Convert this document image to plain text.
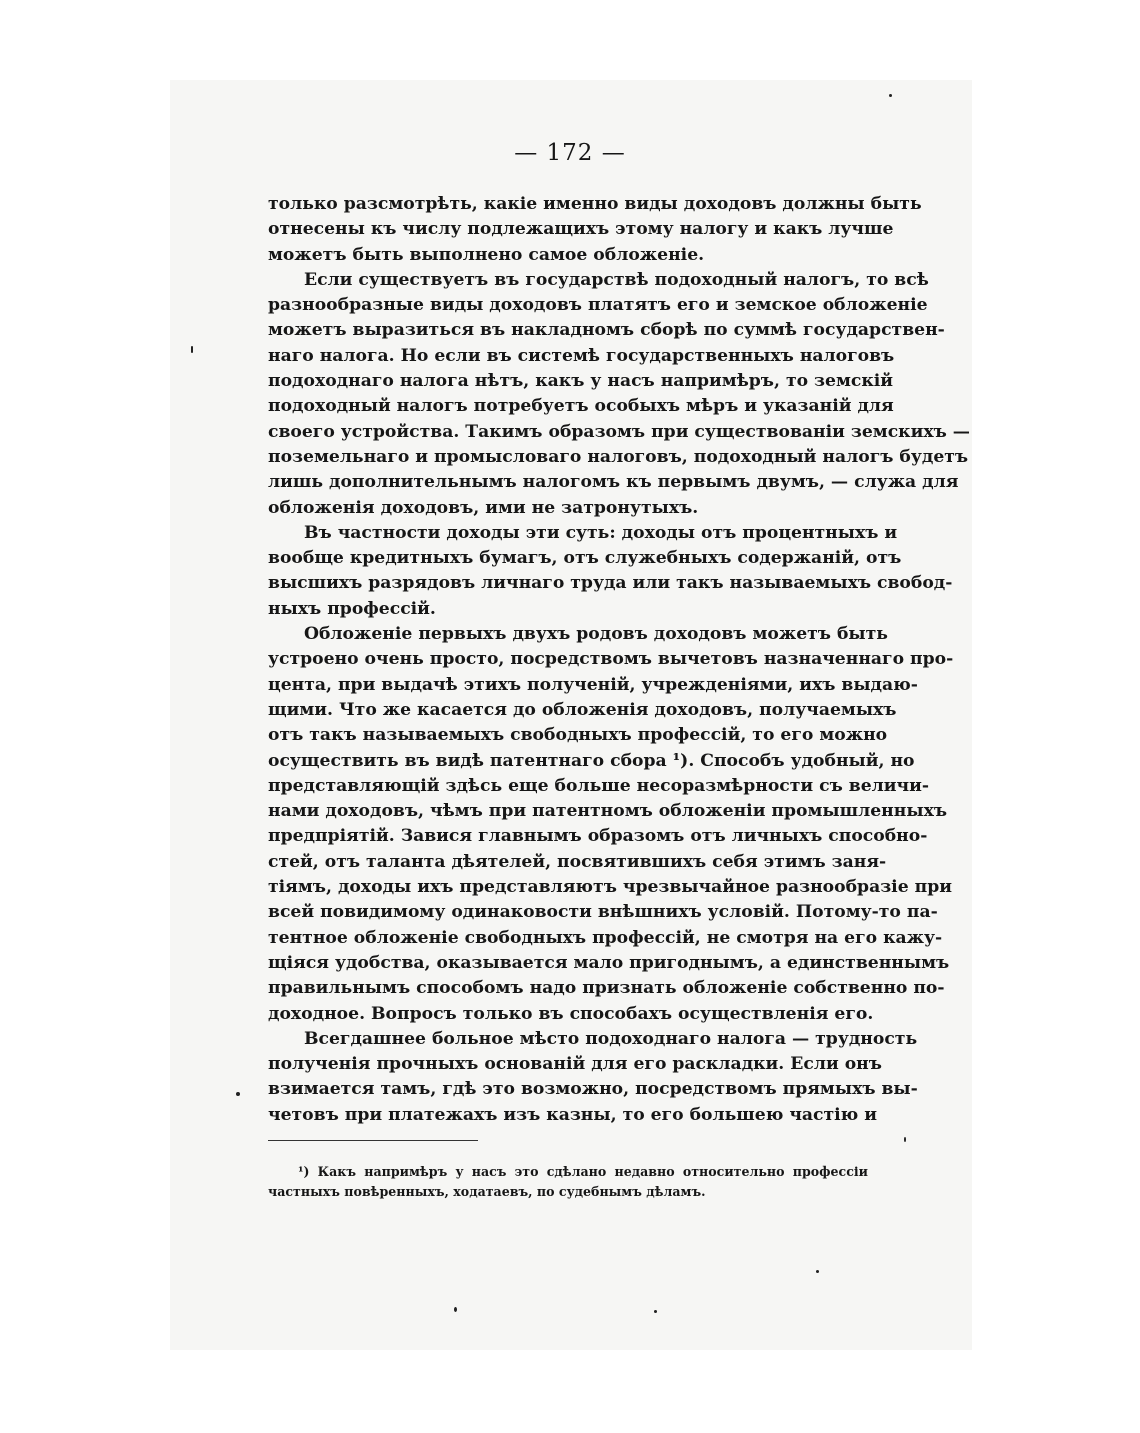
— 172 —
только разсмотрѣть, какіе именно виды доходовъ должны быть
отнесены къ числу подлежащихъ этому налогу и какъ лучше
можетъ быть выполнено самое обложеніе.
Если существуетъ въ государствѣ подоходный налогъ, то всѣ
разнообразные виды доходовъ платятъ его и земское обложеніе
можетъ выразиться въ накладномъ сборѣ по суммѣ государствен-
наго налога. Но если въ системѣ государственныхъ налоговъ
подоходнаго налога нѣтъ, какъ у насъ напримѣръ, то земскій
подоходный налогъ потребуетъ особыхъ мѣръ и указаній для
своего устройства. Такимъ образомъ при существованіи земскихъ —
поземельнаго и промысловаго налоговъ, подоходный налогъ будетъ
лишь дополнительнымъ налогомъ къ первымъ двумъ, — служа для
обложенія доходовъ, ими не затронутыхъ.
Въ частности доходы эти суть: доходы отъ процентныхъ и
вообще кредитныхъ бумагъ, отъ служебныхъ содержаній, отъ
высшихъ разрядовъ личнаго труда или такъ называемыхъ свобод-
ныхъ профессій.
Обложеніе первыхъ двухъ родовъ доходовъ можетъ быть
устроено очень просто, посредствомъ вычетовъ назначеннаго про-
цента, при выдачѣ этихъ полученій, учрежденіями, ихъ выдаю-
щими. Что же касается до обложенія доходовъ, получаемыхъ
отъ такъ называемыхъ свободныхъ профессій, то его можно
осуществить въ видѣ патентнаго сбора ¹). Способъ удобный, но
представляющій здѣсь еще больше несоразмѣрности съ величи-
нами доходовъ, чѣмъ при патентномъ обложеніи промышленныхъ
предпріятій. Завися главнымъ образомъ отъ личныхъ способно-
стей, отъ таланта дѣятелей, посвятившихъ себя этимъ заня-
тіямъ, доходы ихъ представляютъ чрезвычайное разнообразіе при
всей повидимому одинаковости внѣшнихъ условій. Потому-то па-
тентное обложеніе свободныхъ профессій, не смотря на его кажу-
щіяся удобства, оказывается мало пригоднымъ, а единственнымъ
правильнымъ способомъ надо признать обложеніе собственно по-
доходное. Вопросъ только въ способахъ осуществленія его.
Всегдашнее больное мѣсто подоходнаго налога — трудность
полученія прочныхъ основаній для его раскладки. Если онъ
взимается тамъ, гдѣ это возможно, посредствомъ прямыхъ вы-
четовъ при платежахъ изъ казны, то его большею частію и
¹) Какъ напримѣръ у насъ это сдѣлано недавно относительно профессіи
частныхъ повѣренныхъ, ходатаевъ, по судебнымъ дѣламъ.
